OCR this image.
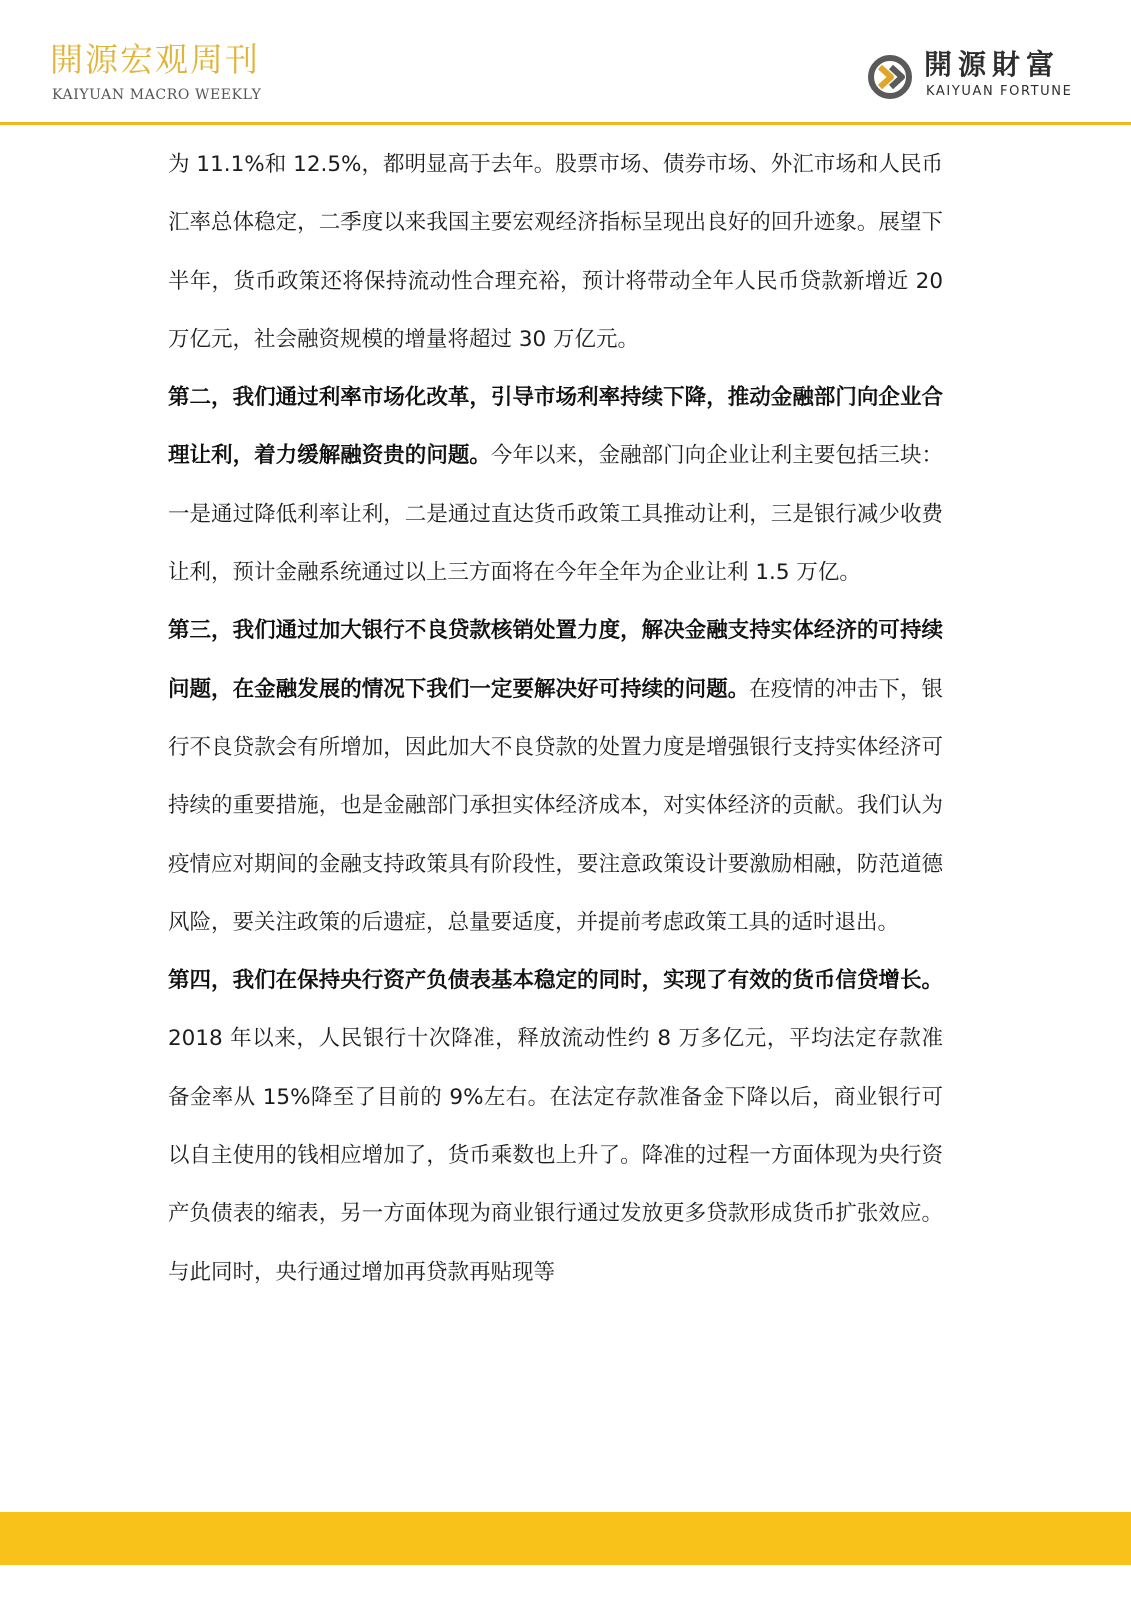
開源宏观周刊
KAIYUAN MACRO WEEKLY
開源財富
KAIYUAN FORTUNE

为 11.1%和 12.5%，都明显高于去年。股票市场、债券市场、外汇市场和人民币汇率总体稳定，二季度以来我国主要宏观经济指标呈现出良好的回升迹象。展望下半年，货币政策还将保持流动性合理充裕，预计将带动全年人民币贷款新增近 20 万亿元，社会融资规模的增量将超过 30 万亿元。

第二，我们通过利率市场化改革，引导市场利率持续下降，推动金融部门向企业合理让利，着力缓解融资贵的问题。今年以来，金融部门向企业让利主要包括三块：一是通过降低利率让利，二是通过直达货币政策工具推动让利，三是银行减少收费让利，预计金融系统通过以上三方面将在今年全年为企业让利 1.5 万亿。

第三，我们通过加大银行不良贷款核销处置力度，解决金融支持实体经济的可持续问题，在金融发展的情况下我们一定要解决好可持续的问题。在疫情的冲击下，银行不良贷款会有所增加，因此加大不良贷款的处置力度是增强银行支持实体经济可持续的重要措施，也是金融部门承担实体经济成本，对实体经济的贡献。我们认为疫情应对期间的金融支持政策具有阶段性，要注意政策设计要激励相融，防范道德风险，要关注政策的后遗症，总量要适度，并提前考虑政策工具的适时退出。

第四，我们在保持央行资产负债表基本稳定的同时，实现了有效的货币信贷增长。2018 年以来，人民银行十次降准，释放流动性约 8 万多亿元，平均法定存款准备金率从 15%降至了目前的 9%左右。在法定存款准备金下降以后，商业银行可以自主使用的钱相应增加了，货币乘数也上升了。降准的过程一方面体现为央行资产负债表的缩表，另一方面体现为商业银行通过发放更多贷款形成货币扩张效应。与此同时，央行通过增加再贷款再贴现等
